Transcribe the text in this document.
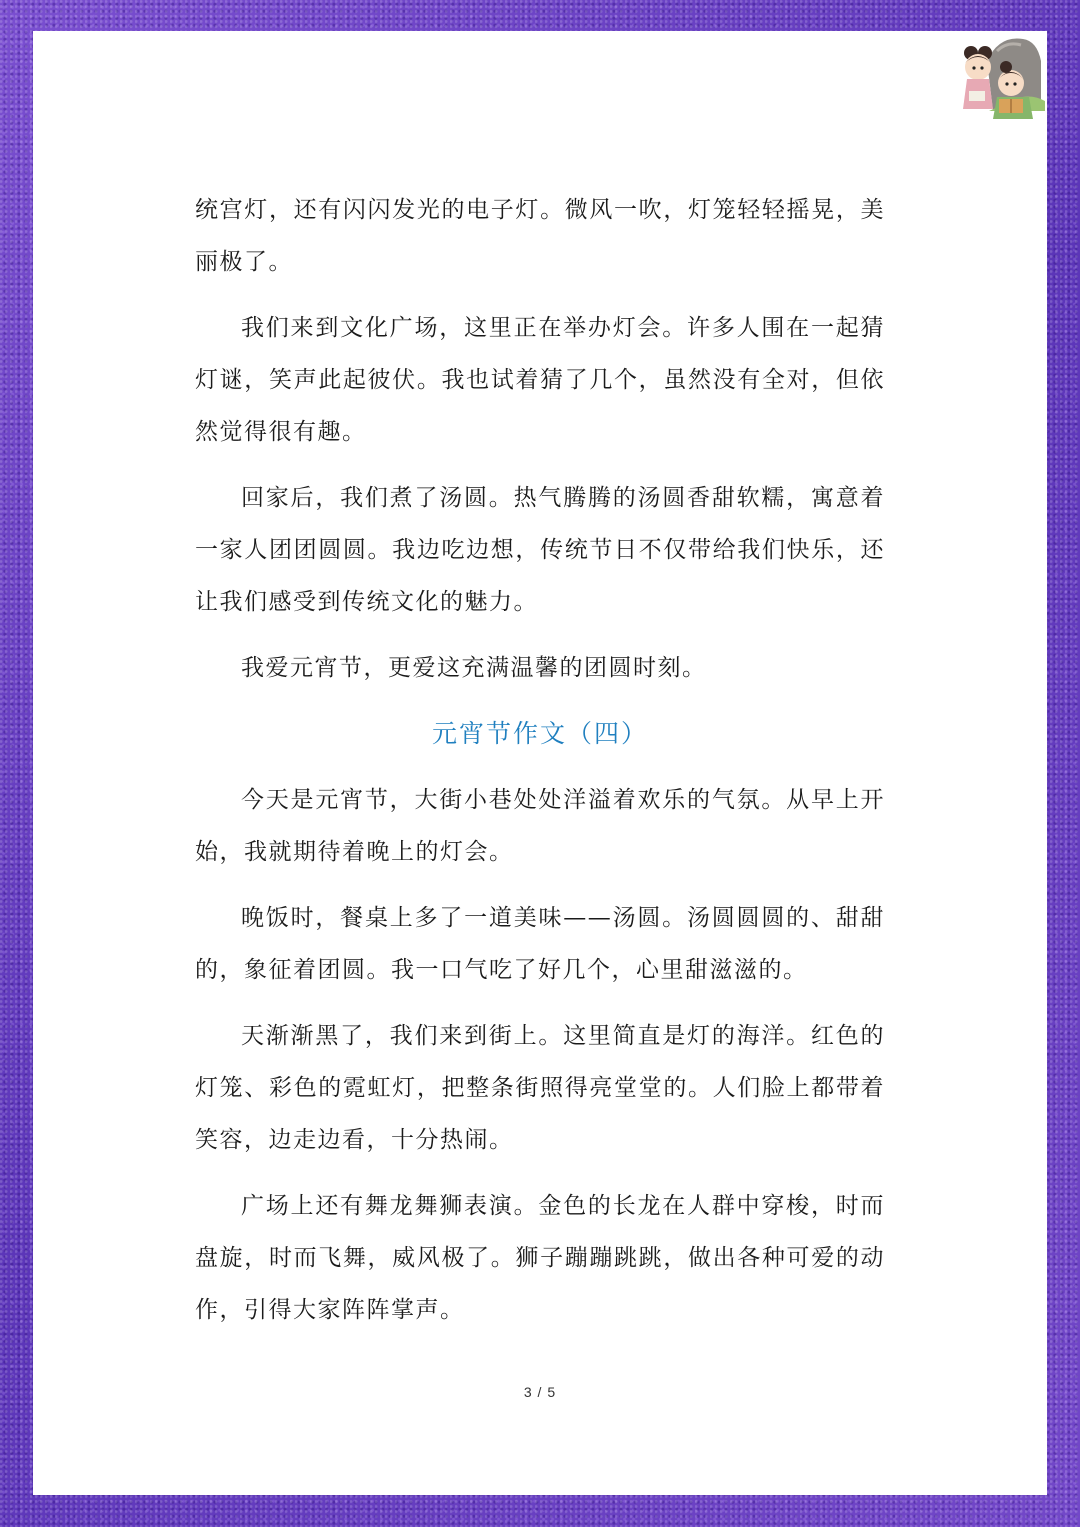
统宫灯，还有闪闪发光的电子灯。微风一吹，灯笼轻轻摇晃，美丽极了。

我们来到文化广场，这里正在举办灯会。许多人围在一起猜灯谜，笑声此起彼伏。我也试着猜了几个，虽然没有全对，但依然觉得很有趣。

回家后，我们煮了汤圆。热气腾腾的汤圆香甜软糯，寓意着一家人团团圆圆。我边吃边想，传统节日不仅带给我们快乐，还让我们感受到传统文化的魅力。

我爱元宵节，更爱这充满温馨的团圆时刻。

元宵节作文（四）

今天是元宵节，大街小巷处处洋溢着欢乐的气氛。从早上开始，我就期待着晚上的灯会。

晚饭时，餐桌上多了一道美味——汤圆。汤圆圆圆的、甜甜的，象征着团圆。我一口气吃了好几个，心里甜滋滋的。

天渐渐黑了，我们来到街上。这里简直是灯的海洋。红色的灯笼、彩色的霓虹灯，把整条街照得亮堂堂的。人们脸上都带着笑容，边走边看，十分热闹。

广场上还有舞龙舞狮表演。金色的长龙在人群中穿梭，时而盘旋，时而飞舞，威风极了。狮子蹦蹦跳跳，做出各种可爱的动作，引得大家阵阵掌声。

3 / 5
